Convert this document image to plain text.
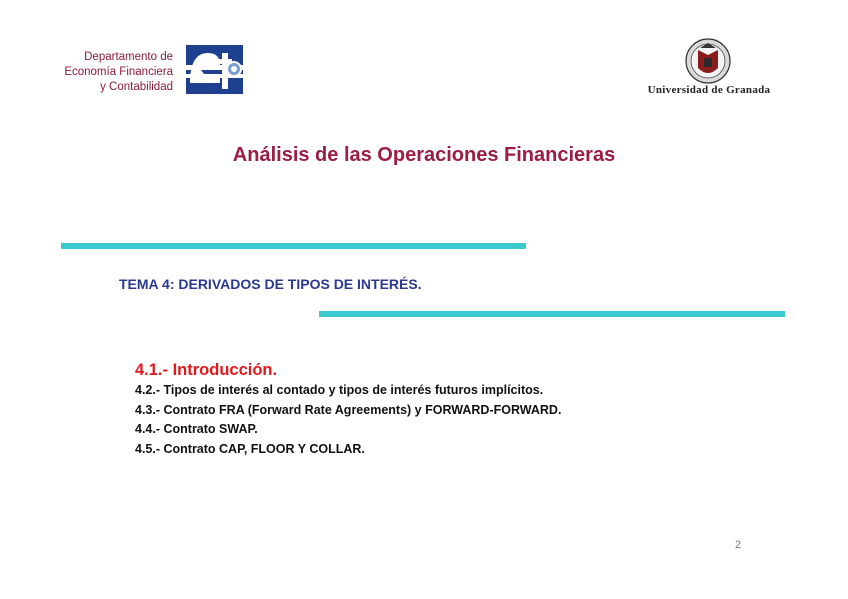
Departamento de
Economía Financiera
y Contabilidad	Universidad de Granada
Análisis de las Operaciones Financieras
TEMA 4: DERIVADOS DE TIPOS DE INTERÉS.
4.1.- Introducción.
4.2.- Tipos de interés al contado y tipos de interés futuros implícitos.
4.3.- Contrato FRA (Forward Rate Agreements) y FORWARD-FORWARD.
4.4.- Contrato SWAP.
4.5.- Contrato CAP, FLOOR Y COLLAR.
2
